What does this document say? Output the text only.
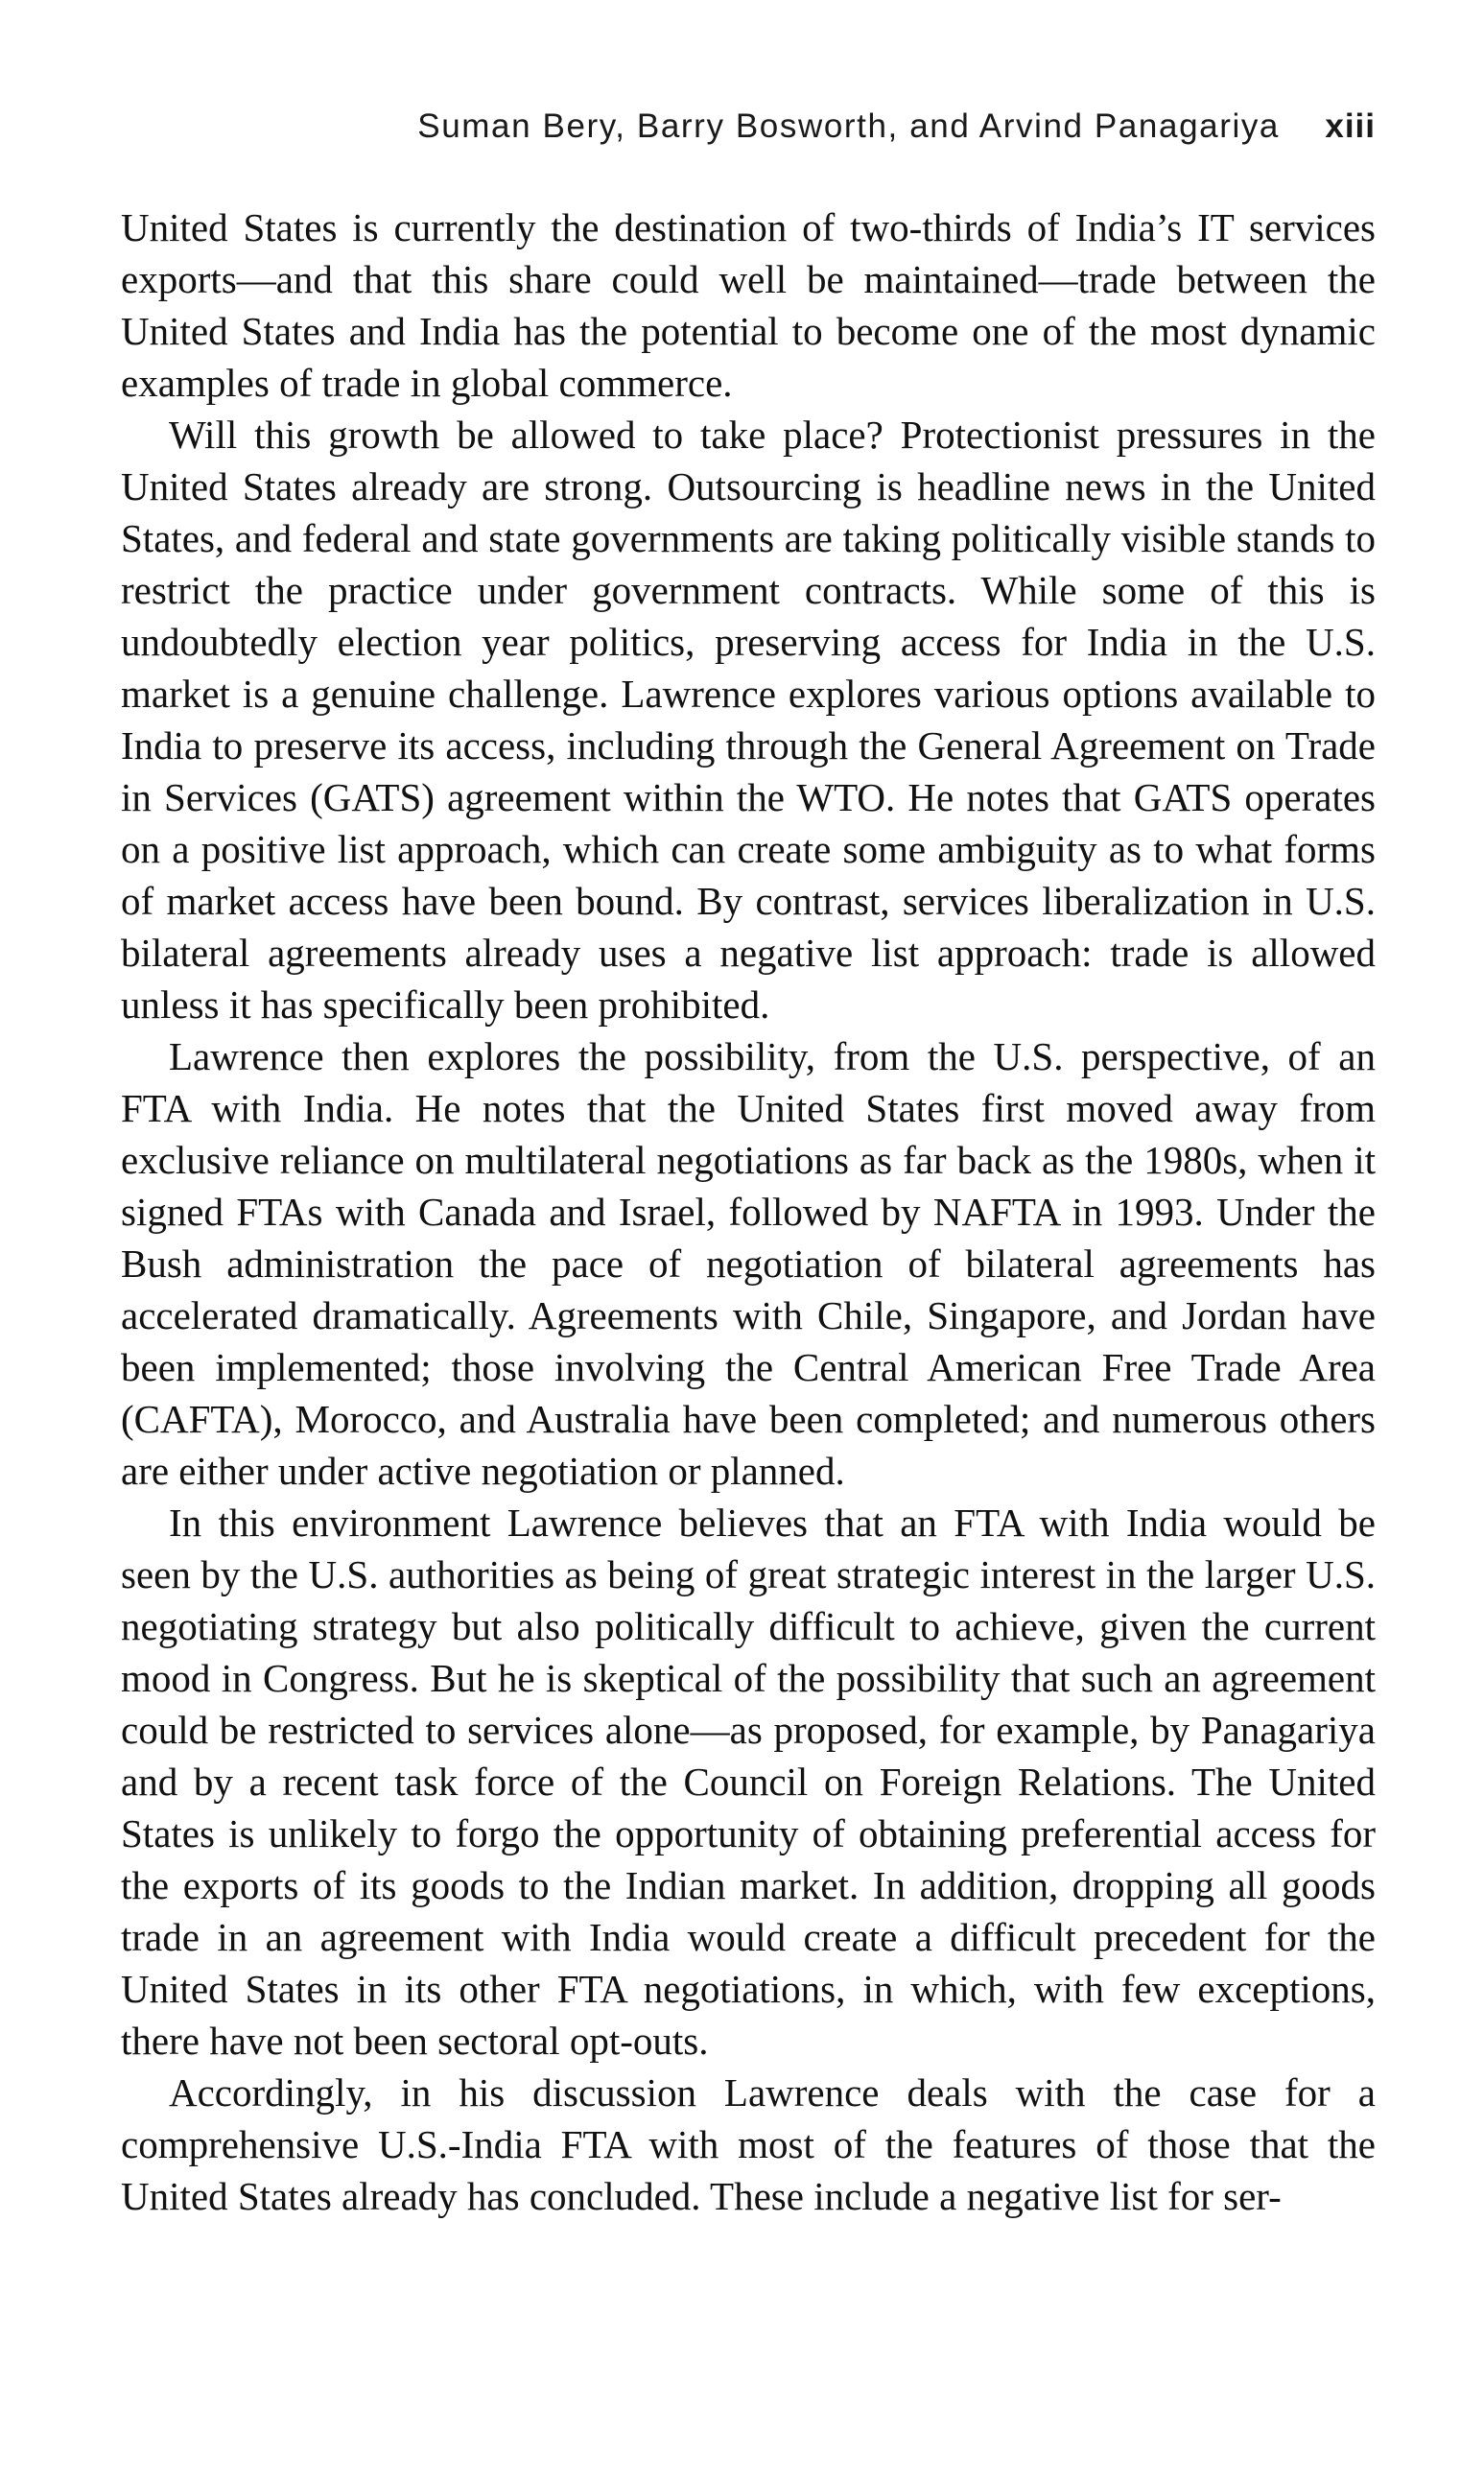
Suman Bery, Barry Bosworth, and Arvind Panagariya xiii

United States is currently the destination of two-thirds of India’s IT services exports—and that this share could well be maintained—trade between the United States and India has the potential to become one of the most dynamic examples of trade in global commerce.

Will this growth be allowed to take place? Protectionist pressures in the United States already are strong. Outsourcing is headline news in the United States, and federal and state governments are taking politically visible stands to restrict the practice under government contracts. While some of this is undoubtedly election year politics, preserving access for India in the U.S. market is a genuine challenge. Lawrence explores various options available to India to preserve its access, including through the General Agreement on Trade in Services (GATS) agreement within the WTO. He notes that GATS operates on a positive list approach, which can create some ambiguity as to what forms of market access have been bound. By contrast, services liberalization in U.S. bilateral agreements already uses a negative list approach: trade is allowed unless it has specifically been prohibited.

Lawrence then explores the possibility, from the U.S. perspective, of an FTA with India. He notes that the United States first moved away from exclusive reliance on multilateral negotiations as far back as the 1980s, when it signed FTAs with Canada and Israel, followed by NAFTA in 1993. Under the Bush administration the pace of negotiation of bilateral agreements has accelerated dramatically. Agreements with Chile, Singapore, and Jordan have been implemented; those involving the Central American Free Trade Area (CAFTA), Morocco, and Australia have been completed; and numerous others are either under active negotiation or planned.

In this environment Lawrence believes that an FTA with India would be seen by the U.S. authorities as being of great strategic interest in the larger U.S. negotiating strategy but also politically difficult to achieve, given the current mood in Congress. But he is skeptical of the possibility that such an agreement could be restricted to services alone—as proposed, for example, by Panagariya and by a recent task force of the Council on Foreign Relations. The United States is unlikely to forgo the opportunity of obtaining preferential access for the exports of its goods to the Indian market. In addition, dropping all goods trade in an agreement with India would create a difficult precedent for the United States in its other FTA negotiations, in which, with few exceptions, there have not been sectoral opt-outs.

Accordingly, in his discussion Lawrence deals with the case for a comprehensive U.S.-India FTA with most of the features of those that the United States already has concluded. These include a negative list for ser-
